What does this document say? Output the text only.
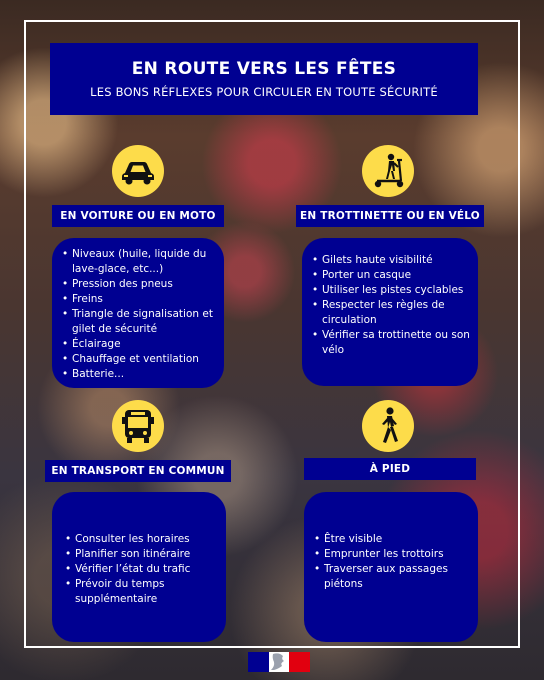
EN ROUTE VERS LES FÊTES
LES BONS RÉFLEXES POUR CIRCULER EN TOUTE SÉCURITÉ
EN VOITURE OU EN MOTO
• Niveaux (huile, liquide du lave-glace, etc...)
• Pression des pneus
• Freins
• Triangle de signalisation et gilet de sécurité
• Éclairage
• Chauffage et ventilation
• Batterie...
EN TROTTINETTE OU EN VÉLO
• Gilets haute visibilité
• Porter un casque
• Utiliser les pistes cyclables
• Respecter les règles de circulation
• Vérifier sa trottinette ou son vélo
EN TRANSPORT EN COMMUN
• Consulter les horaires
• Planifier son itinéraire
• Vérifier l’état du trafic
• Prévoir du temps supplémentaire
À PIED
• Être visible
• Emprunter les trottoirs
• Traverser aux passages piétons
